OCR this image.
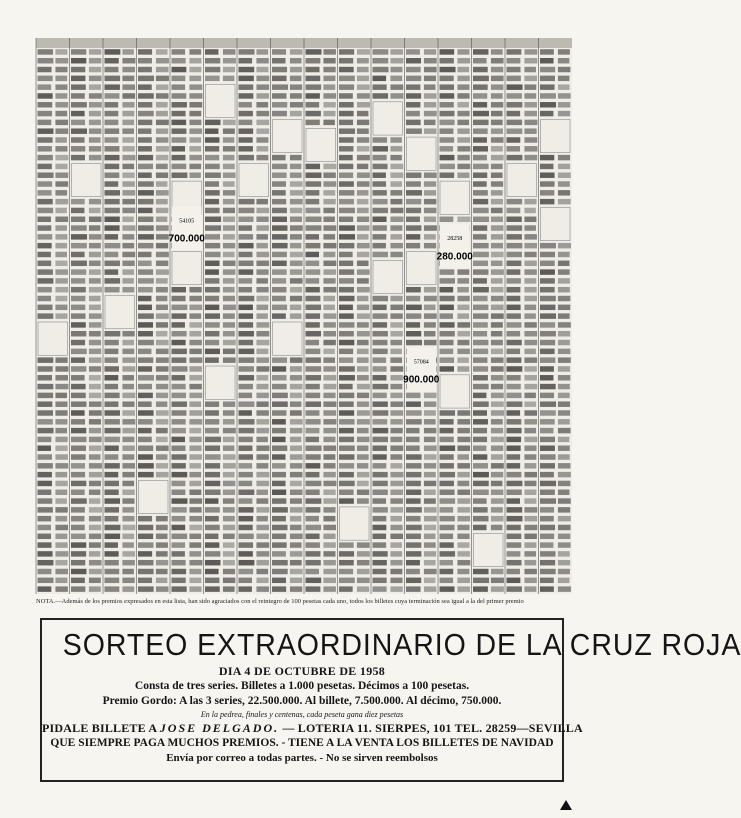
54105
700.000
57084
900.000
28258
280.000
NOTA.—Además de los premios expresados en esta lista, han sido agraciados con el reintegro de 100 pesetas cada uno, todos los billetes cuya terminación sea igual a la del primer premio
SORTEO EXTRAORDINARIO DE LA CRUZ ROJA
DIA 4 DE OCTUBRE DE 1958
Consta de tres series. Billetes a 1.000 pesetas. Décimos a 100 pesetas.
Premio Gordo: A las 3 series, 22.500.000. Al billete, 7.500.000. Al décimo, 750.000.
En la pedrea, finales y centenas, cada peseta gana diez pesetas
PIDALE BILLETE A JOSE DELGADO. — LOTERIA 11. SIERPES, 101 TEL. 28259—SEVILLA
QUE SIEMPRE PAGA MUCHOS PREMIOS. - TIENE A LA VENTA LOS BILLETES DE NAVIDAD
Envía por correo a todas partes. - No se sirven reembolsos
